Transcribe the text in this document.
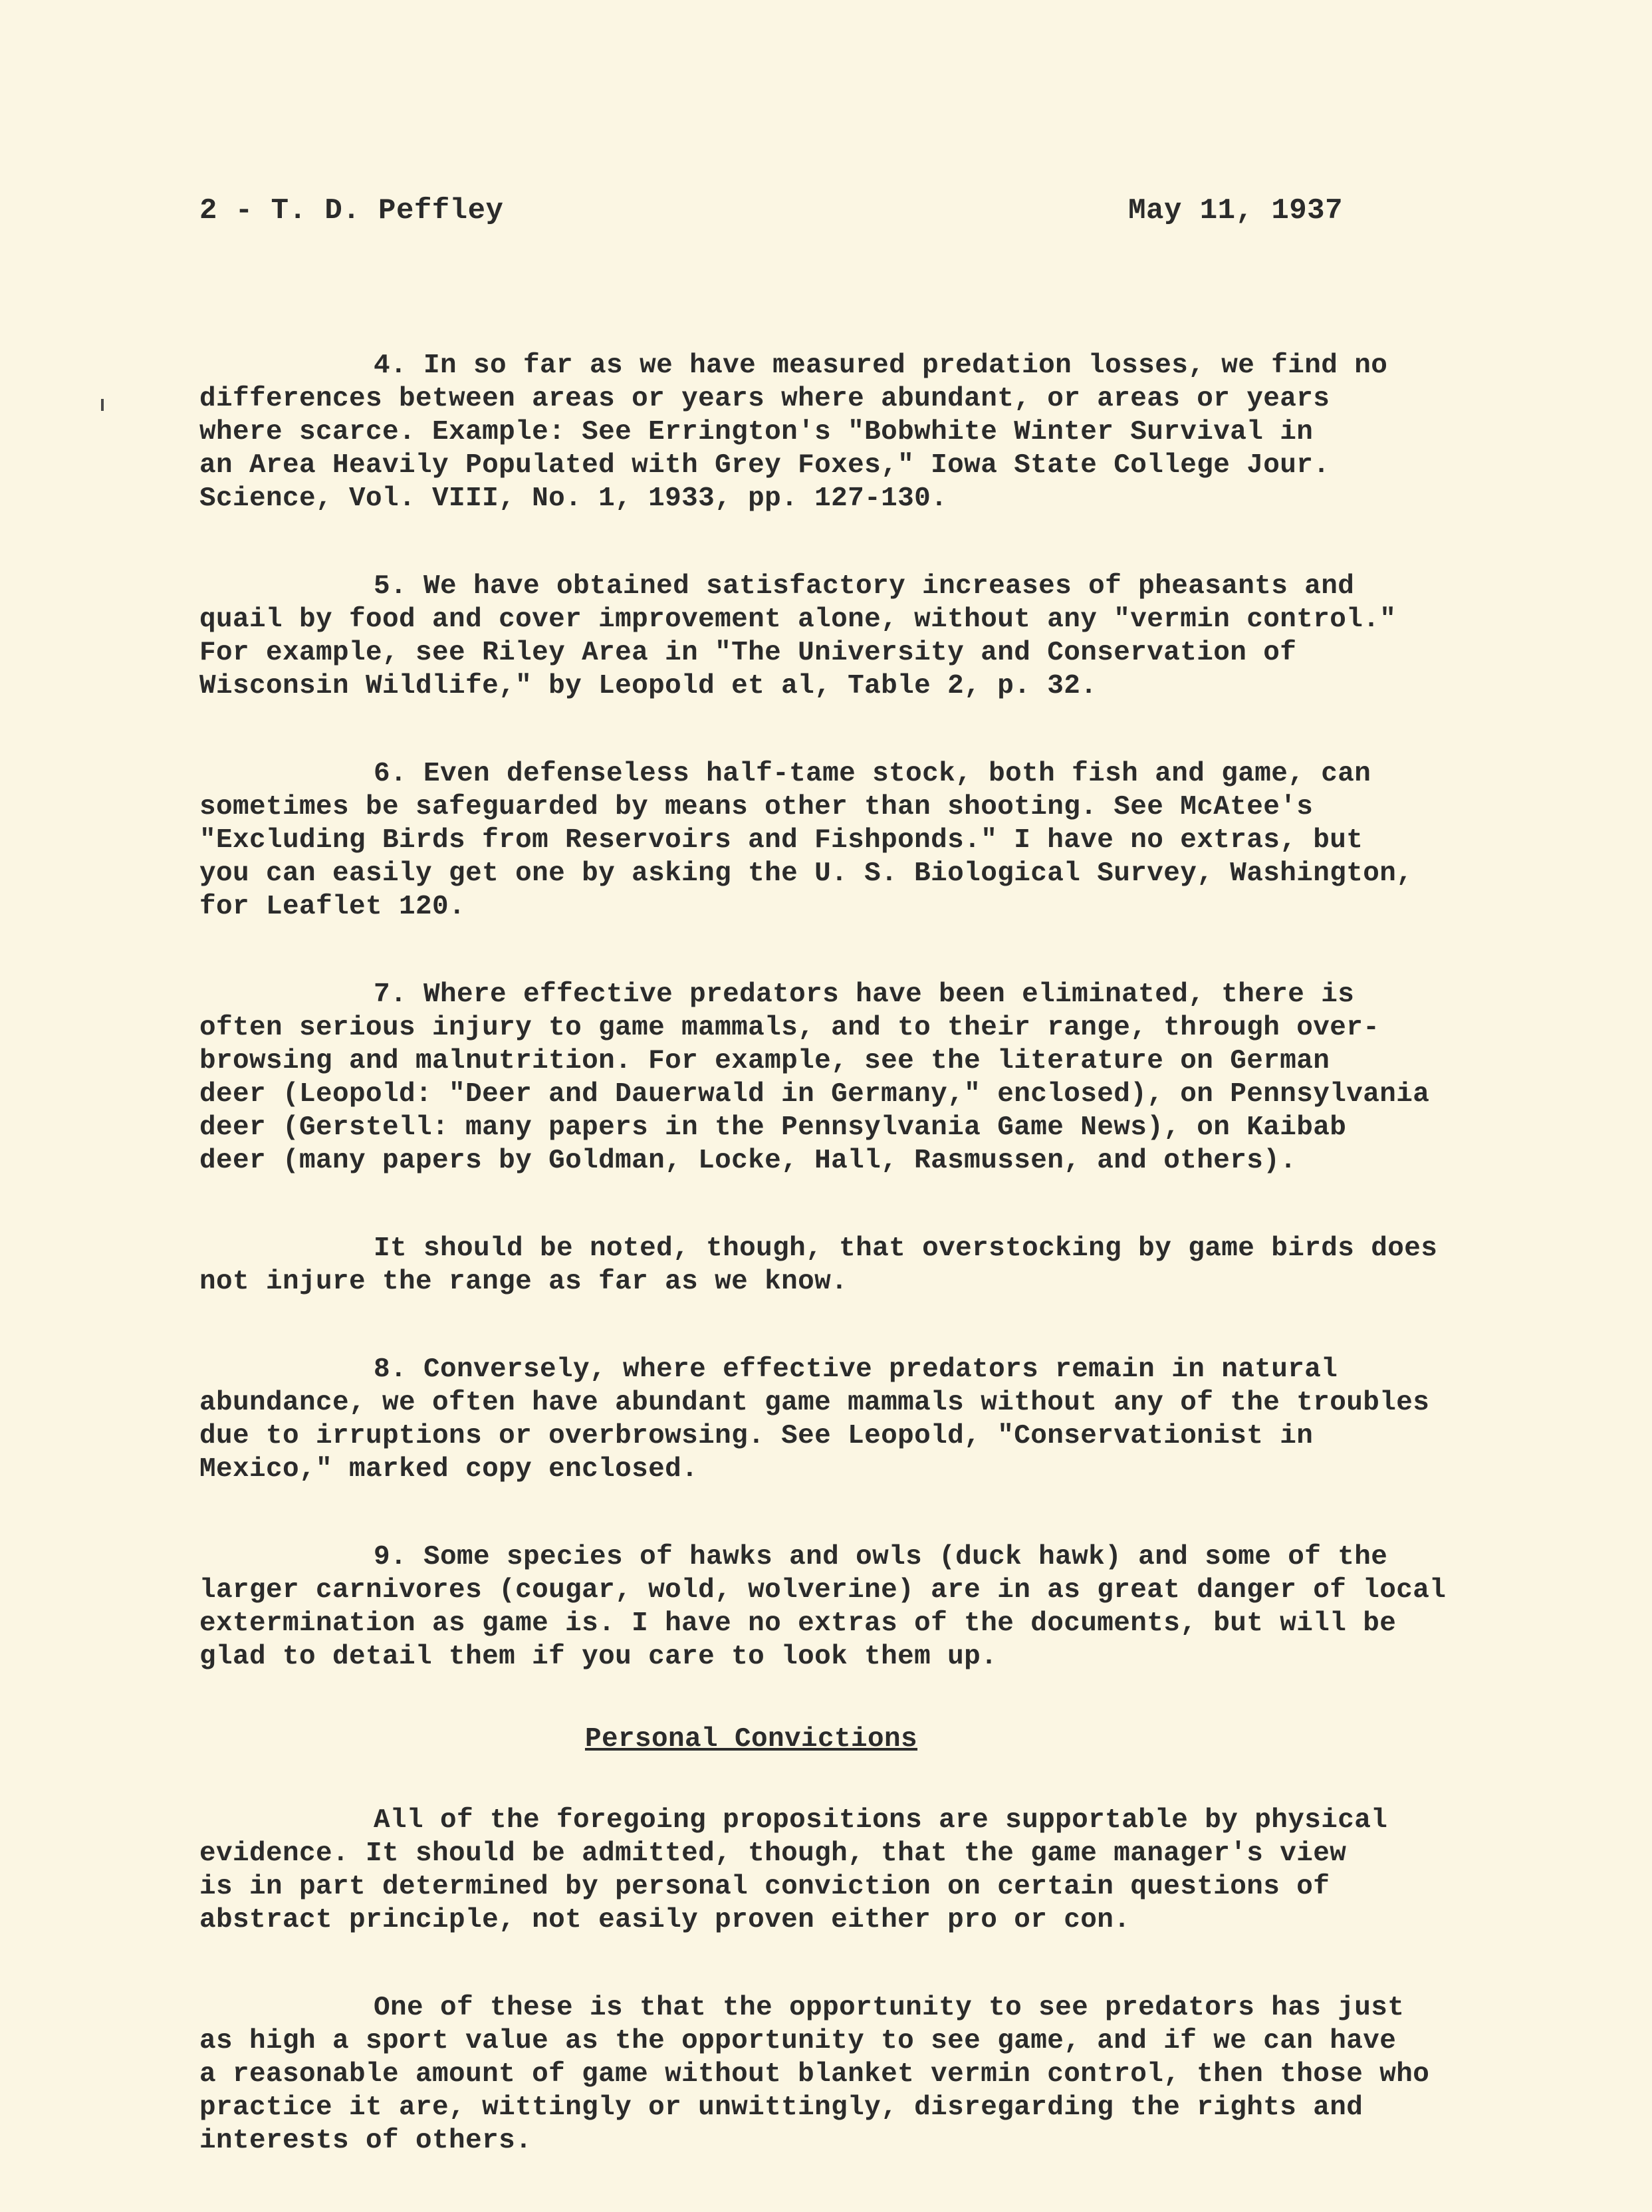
2 - T. D. Peffley	May 11, 1937
4. In so far as we have measured predation losses, we find no
differences between areas or years where abundant, or areas or years
where scarce. Example: See Errington's "Bobwhite Winter Survival in
an Area Heavily Populated with Grey Foxes," Iowa State College Jour.
Science, Vol. VIII, No. 1, 1933, pp. 127-130.
5. We have obtained satisfactory increases of pheasants and
quail by food and cover improvement alone, without any "vermin control."
For example, see Riley Area in "The University and Conservation of
Wisconsin Wildlife," by Leopold et al, Table 2, p. 32.
6. Even defenseless half-tame stock, both fish and game, can
sometimes be safeguarded by means other than shooting. See McAtee's
"Excluding Birds from Reservoirs and Fishponds." I have no extras, but
you can easily get one by asking the U. S. Biological Survey, Washington,
for Leaflet 120.
7. Where effective predators have been eliminated, there is
often serious injury to game mammals, and to their range, through over-
browsing and malnutrition. For example, see the literature on German
deer (Leopold: "Deer and Dauerwald in Germany," enclosed), on Pennsylvania
deer (Gerstell: many papers in the Pennsylvania Game News), on Kaibab
deer (many papers by Goldman, Locke, Hall, Rasmussen, and others).
It should be noted, though, that overstocking by game birds does
not injure the range as far as we know.
8. Conversely, where effective predators remain in natural
abundance, we often have abundant game mammals without any of the troubles
due to irruptions or overbrowsing. See Leopold, "Conservationist in
Mexico," marked copy enclosed.
9. Some species of hawks and owls (duck hawk) and some of the
larger carnivores (cougar, wold, wolverine) are in as great danger of local
extermination as game is. I have no extras of the documents, but will be
glad to detail them if you care to look them up.
Personal Convictions
All of the foregoing propositions are supportable by physical
evidence. It should be admitted, though, that the game manager's view
is in part determined by personal conviction on certain questions of
abstract principle, not easily proven either pro or con.
One of these is that the opportunity to see predators has just
as high a sport value as the opportunity to see game, and if we can have
a reasonable amount of game without blanket vermin control, then those who
practice it are, wittingly or unwittingly, disregarding the rights and
interests of others.
